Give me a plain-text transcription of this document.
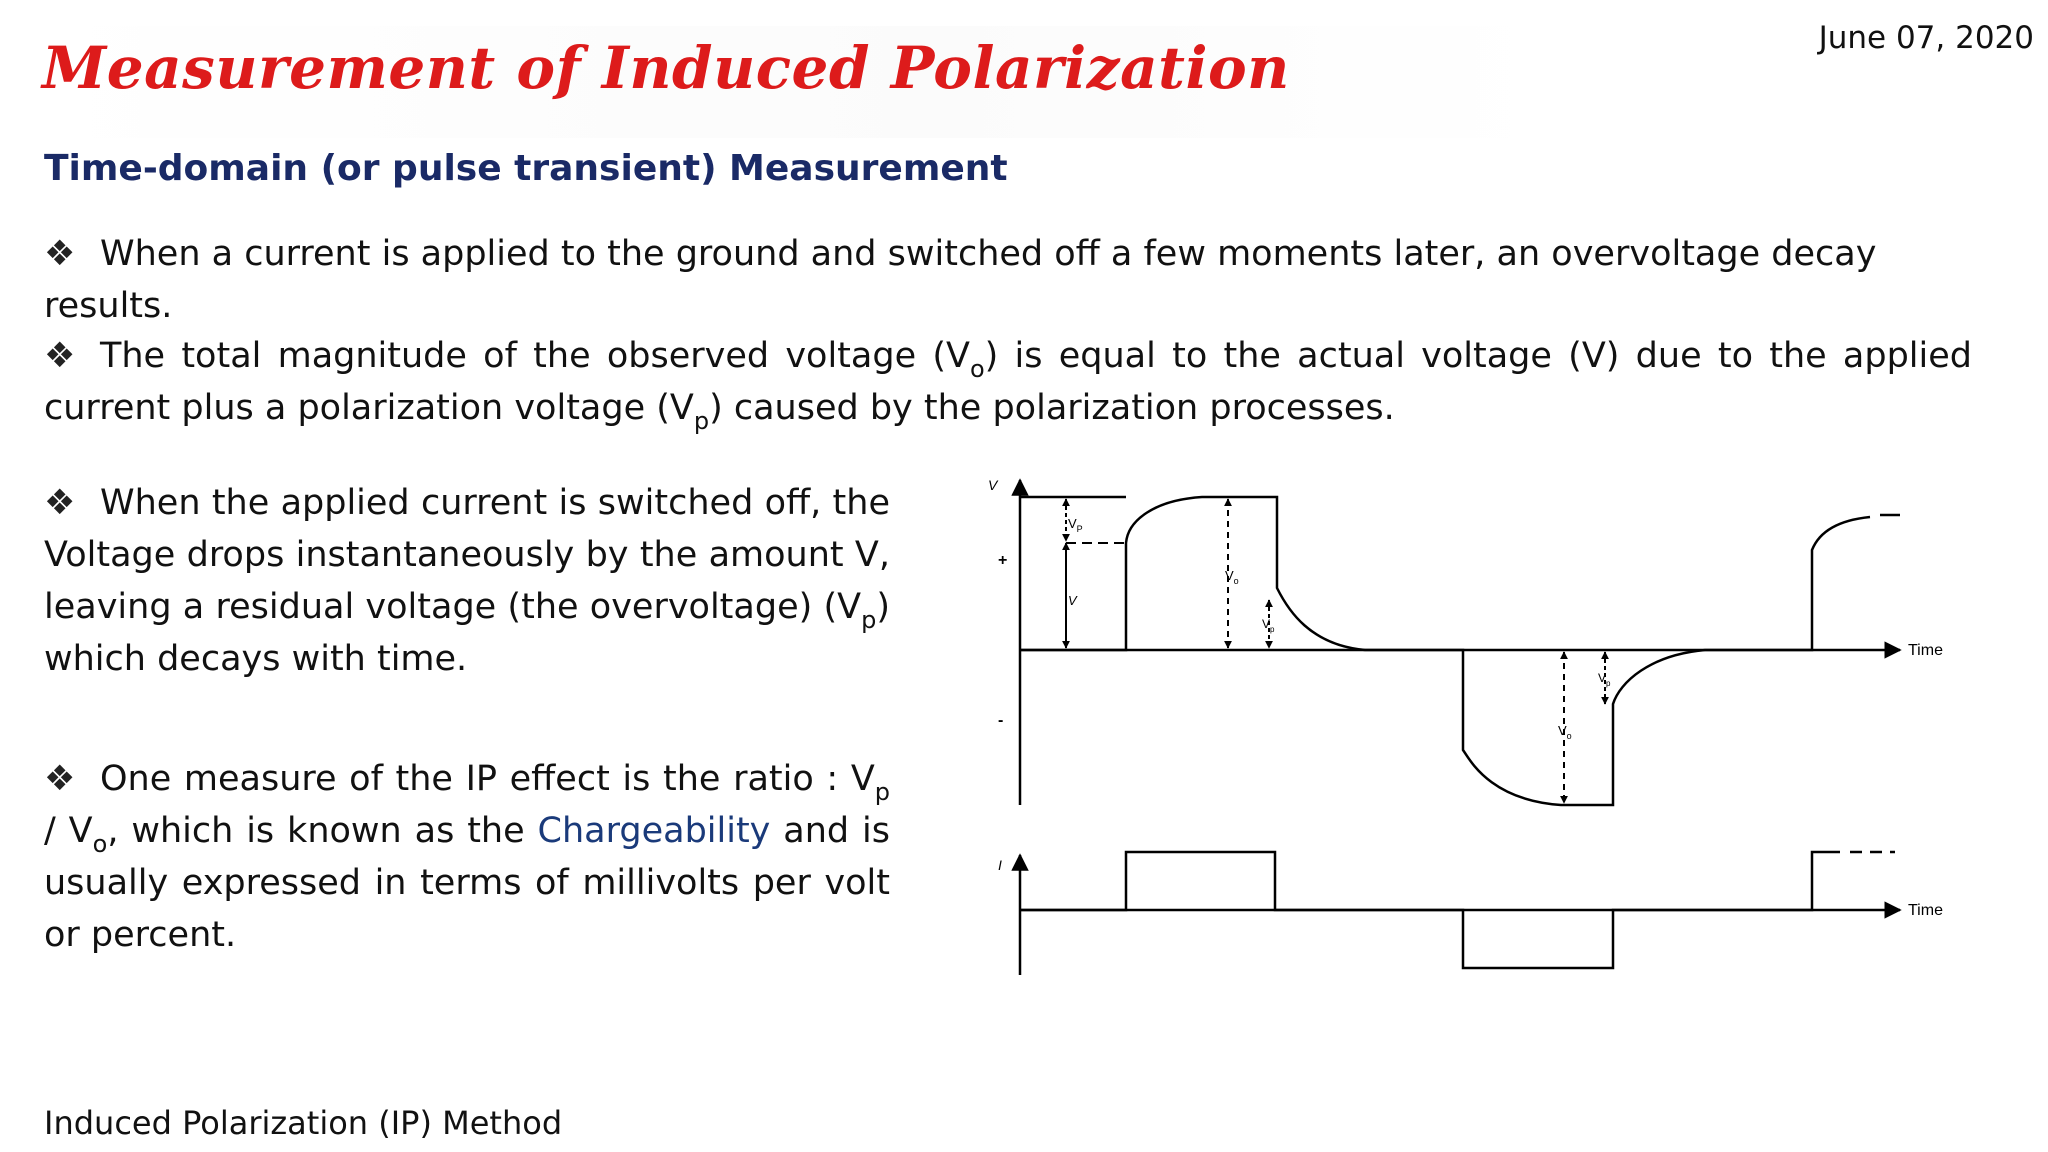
June 07, 2020
Measurement of Induced Polarization
Time-domain (or pulse transient) Measurement
❖ When a current is applied to the ground and switched off a few moments later, an overvoltage decay results.
❖ The total magnitude of the observed voltage $(V_o)$ is equal to the actual voltage (V) due to the applied current plus a polarization voltage $(V_p)$ caused by the polarization processes.
❖ When the applied current is switched off, the Voltage drops instantaneously by the amount V, leaving a residual voltage (the overvoltage) $(V_p)$ which decays with time.
❖ One measure of the IP effect is the ratio : $V_p / V_o$, which is known as the Chargeability and is usually expressed in terms of millivolts per volt or percent.
V
+
-
Time
V
$V_P$
$V_o$
$V_p$
$V_o$
$V_p$
I
Time
Induced Polarization (IP) Method
